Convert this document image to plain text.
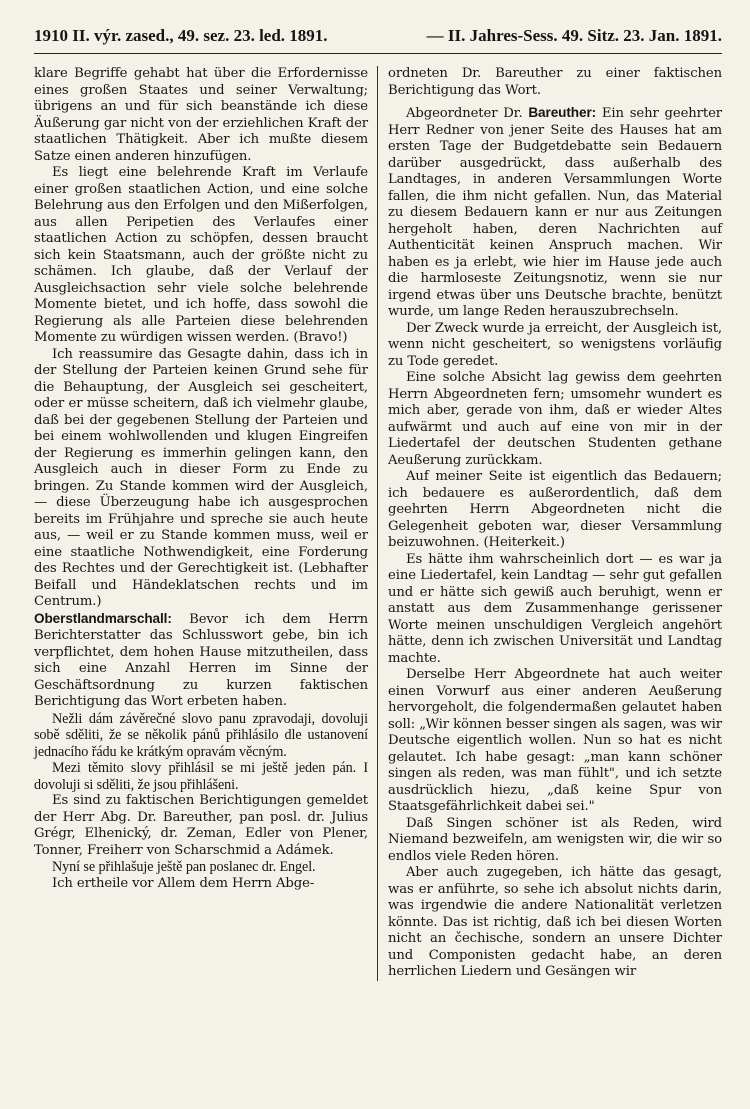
1910 II. výr. zased., 49. sez. 23. led. 1891.	— II. Jahres-Sess. 49. Sitz. 23. Jan. 1891.

klare Begriffe gehabt hat über die Erfordernisse eines großen Staates und seiner Verwaltung; übrigens an und für sich beanstände ich diese Äußerung gar nicht von der erziehlichen Kraft der staatlichen Thätigkeit. Aber ich mußte diesem Satze einen anderen hinzufügen.

Es liegt eine belehrende Kraft im Verlaufe einer großen staatlichen Action, und eine solche Belehrung aus den Erfolgen und den Mißerfolgen, aus allen Peripetien des Verlaufes einer staatlichen Action zu schöpfen, dessen braucht sich kein Staatsmann, auch der größte nicht zu schämen. Ich glaube, daß der Verlauf der Ausgleichsaction sehr viele solche belehrende Momente bietet, und ich hoffe, dass sowohl die Regierung als alle Parteien diese belehrenden Momente zu würdigen wissen werden. (Bravo!)

Ich reassumire das Gesagte dahin, dass ich in der Stellung der Parteien keinen Grund sehe für die Behauptung, der Ausgleich sei gescheitert, oder er müsse scheitern, daß ich vielmehr glaube, daß bei der gegebenen Stellung der Parteien und bei einem wohlwollenden und klugen Eingreifen der Regierung es immerhin gelingen kann, den Ausgleich auch in dieser Form zu Ende zu bringen. Zu Stande kommen wird der Ausgleich, — diese Überzeugung habe ich ausgesprochen bereits im Frühjahre und spreche sie auch heute aus, — weil er zu Stande kommen muss, weil er eine staatliche Nothwendigkeit, eine Forderung des Rechtes und der Gerechtigkeit ist. (Lebhafter Beifall und Händeklatschen rechts und im Centrum.)

Oberstlandmarschall: Bevor ich dem Herrn Berichterstatter das Schlusswort gebe, bin ich verpflichtet, dem hohen Hause mitzutheilen, dass sich eine Anzahl Herren im Sinne der Geschäftsordnung zu kurzen faktischen Berichtigung das Wort erbeten haben.

Nežli dám závěrečné slovo panu zpravodaji, dovoluji sobě sděliti, že se několik pánů přihlásilo dle ustanovení jednacího řádu ke krátkým opravám věcným.

Mezi těmito slovy přihlásil se mi ještě jeden pán. I dovoluji si sděliti, že jsou přihlášeni.

Es sind zu faktischen Berichtigungen gemeldet der Herr Abg. Dr. Bareuther, pan posl. dr. Julius Grégr, Elhenický, dr. Zeman, Edler von Plener, Tonner, Freiherr von Scharschmid a Adámek.

Nyní se přihlašuje ještě pan poslanec dr. Engel.

Ich ertheile vor Allem dem Herrn Abge-

ordneten Dr. Bareuther zu einer faktischen Berichtigung das Wort.

Abgeordneter Dr. Bareuther: Ein sehr geehrter Herr Redner von jener Seite des Hauses hat am ersten Tage der Budgetdebatte sein Bedauern darüber ausgedrückt, dass außerhalb des Landtages, in anderen Versammlungen Worte fallen, die ihm nicht gefallen. Nun, das Material zu diesem Bedauern kann er nur aus Zeitungen hergeholt haben, deren Nachrichten auf Authenticität keinen Anspruch machen. Wir haben es ja erlebt, wie hier im Hause jede auch die harmloseste Zeitungsnotiz, wenn sie nur irgend etwas über uns Deutsche brachte, benützt wurde, um lange Reden herauszubrechseln.

Der Zweck wurde ja erreicht, der Ausgleich ist, wenn nicht gescheitert, so wenigstens vorläufig zu Tode geredet.

Eine solche Absicht lag gewiss dem geehrten Herrn Abgeordneten fern; umsomehr wundert es mich aber, gerade von ihm, daß er wieder Altes aufwärmt und auch auf eine von mir in der Liedertafel der deutschen Studenten gethane Aeußerung zurückkam.

Auf meiner Seite ist eigentlich das Bedauern; ich bedauere es außerordentlich, daß dem geehrten Herrn Abgeordneten nicht die Gelegenheit geboten war, dieser Versammlung beizuwohnen. (Heiterkeit.)

Es hätte ihm wahrscheinlich dort — es war ja eine Liedertafel, kein Landtag — sehr gut gefallen und er hätte sich gewiß auch beruhigt, wenn er anstatt aus dem Zusammenhange gerissener Worte meinen unschuldigen Vergleich angehört hätte, denn ich zwischen Universität und Landtag machte.

Derselbe Herr Abgeordnete hat auch weiter einen Vorwurf aus einer anderen Aeußerung hervorgeholt, die folgendermaßen gelautet haben soll: „Wir können besser singen als sagen, was wir Deutsche eigentlich wollen. Nun so hat es nicht gelautet. Ich habe gesagt: „man kann schöner singen als reden, was man fühlt", und ich setzte ausdrücklich hiezu, „daß keine Spur von Staatsgefährlichkeit dabei sei."

Daß Singen schöner ist als Reden, wird Niemand bezweifeln, am wenigsten wir, die wir so endlos viele Reden hören.

Aber auch zugegeben, ich hätte das gesagt, was er anführte, so sehe ich absolut nichts darin, was irgendwie die andere Nationalität verletzen könnte. Das ist richtig, daß ich bei diesen Worten nicht an čechische, sondern an unsere Dichter und Componisten gedacht habe, an deren herrlichen Liedern und Gesängen wir
